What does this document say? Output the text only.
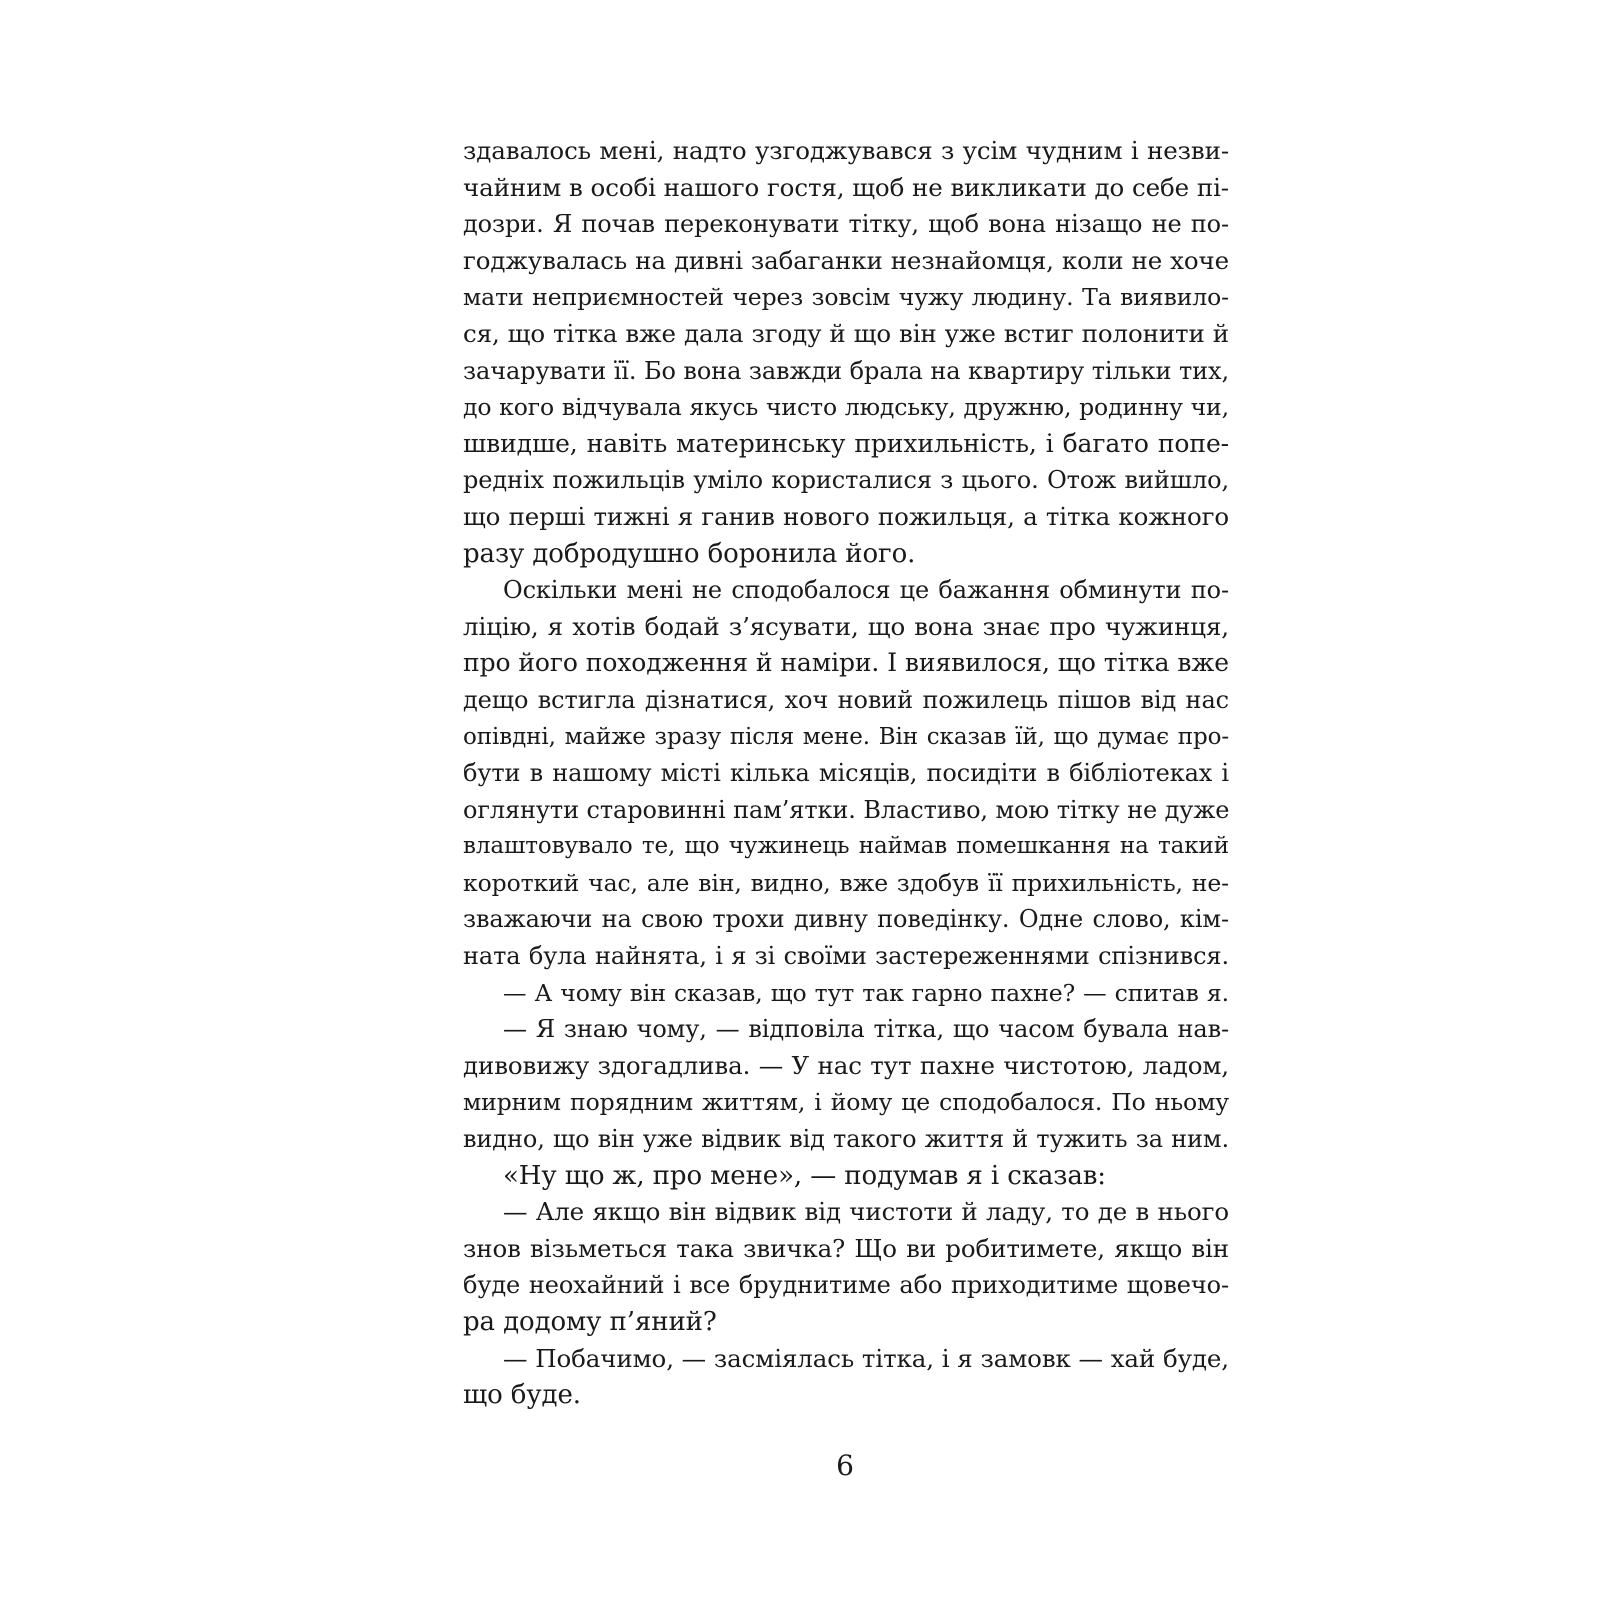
здавалось мені, надто узгоджувався з усім чудним і незви-
чайним в особі нашого гостя, щоб не викликати до себе пі-
дозри. Я почав переконувати тітку, щоб вона нізащо не по-
годжувалась на дивні забаганки незнайомця, коли не хоче
мати неприємностей через зовсім чужу людину. Та виявило-
ся, що тітка вже дала згоду й що він уже встиг полонити й
зачарувати її. Бо вона завжди брала на квартиру тільки тих,
до кого відчувала якусь чисто людську, дружню, родинну чи,
швидше, навіть материнську прихильність, і багато попе-
редніх пожильців уміло користалися з цього. Отож вийшло,
що перші тижні я ганив нового пожильця, а тітка кожного
разу добродушно боронила його.
Оскільки мені не сподобалося це бажання обминути по-
ліцію, я хотів бодай з’ясувати, що вона знає про чужинця,
про його походження й наміри. І виявилося, що тітка вже
дещо встигла дізнатися, хоч новий пожилець пішов від нас
опівдні, майже зразу після мене. Він сказав їй, що думає про-
бути в нашому місті кілька місяців, посидіти в бібліотеках і
оглянути старовинні пам’ятки. Властиво, мою тітку не дуже
влаштовувало те, що чужинець наймав помешкання на такий
короткий час, але він, видно, вже здобув її прихильність, не-
зважаючи на свою трохи дивну поведінку. Одне слово, кім-
ната була найнята, і я зі своїми застереженнями спізнився.
— А чому він сказав, що тут так гарно пахне? — спитав я.
— Я знаю чому, — відповіла тітка, що часом бувала нав-
дивовижу здогадлива. — У нас тут пахне чистотою, ладом,
мирним порядним життям, і йому це сподобалося. По ньому
видно, що він уже відвик від такого життя й тужить за ним.
«Ну що ж, про мене», — подумав я і сказав:
— Але якщо він відвик від чистоти й ладу, то де в нього
знов візьметься така звичка? Що ви робитимете, якщо він
буде неохайний і все бруднитиме або приходитиме щовечо-
ра додому п’яний?
— Побачимо, — засміялась тітка, і я замовк — хай буде,
що буде.
6
